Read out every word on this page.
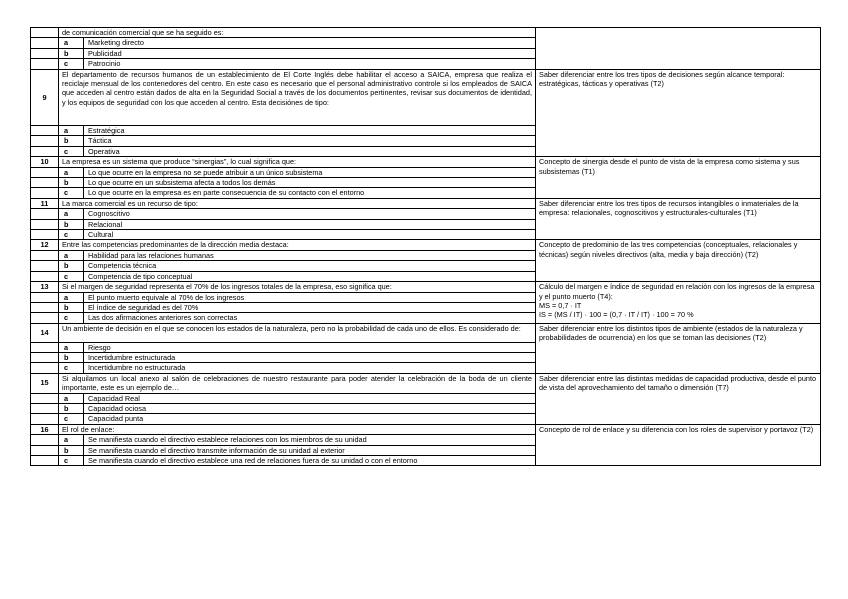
	de comunicación comercial que se ha seguido es:		

	a	Marketing directo	
	b	Publicidad	
	c	Patrocinio	
9	El departamento de recursos humanos de un establecimiento de El Corte Inglés debe habilitar el acceso a SAICA, empresa que realiza el reciclaje mensual de los contenedores del centro. En este caso es necesario que el personal administrativo controle si los empleados de SAICA que acceden al centro están dados de alta en la Seguridad Social a través de los documentos pertinentes, revisar sus documentos de identidad, y los equipos de seguridad con los que acceden al centro. Esta decisiónes de tipo:		Saber diferenciar entre los tres tipos de decisiones según alcance temporal: estratégicas, tácticas y operativas (T2)

	a	Estratégica	
	b	Táctica	
	c	Operativa	
10	La empresa es un sistema que produce “sinergias”, lo cual significa que:		Concepto de sinergia desde el punto de vista de la empresa como sistema y sus subsistemas (T1)

	a	Lo que ocurre en la empresa no se puede atribuir a un único subsistema	
	b	Lo que ocurre en un subsistema afecta a todos los demás	
	c	Lo que ocurre en la empresa es en parte consecuencia de su contacto con el entorno	
11	La marca comercial es un recurso de tipo:		Saber diferenciar entre los tres tipos de recursos intangibles o inmateriales de la empresa: relacionales, cognoscitivos y estructurales-culturales (T1)

	a	Cognoscitivo	
	b	Relacional	
	c	Cultural	
12	Entre las competencias predominantes de la dirección media destaca:		Concepto de predominio de las tres competencias (conceptuales, relacionales y técnicas) según niveles directivos (alta, media y baja dirección) (T2)

	a	Habilidad para las relaciones humanas	
	b	Competencia técnica	
	c	Competencia de tipo conceptual	
13	Si el margen de seguridad representa el 70% de los ingresos totales de la empresa, eso significa que:		Cálculo del margen e índice de seguridad en relación con los ingresos de la empresa y el punto muerto (T4):
MS = 0,7 · IT
IS = (MS / IT) · 100 = (0,7 · IT / IT) · 100 = 70 %

	a	El punto muerto equivale al 70% de los ingresos	
	b	El índice de seguridad es del 70%	
	c	Las dos afirmaciones anteriores son correctas	
14	Un ambiente de decisión en el que se conocen los estados de la naturaleza, pero no la probabilidad de cada uno de ellos. Es considerado de:		Saber diferenciar entre los distintos tipos de ambiente (estados de la naturaleza y probabilidades de ocurrencia) en los que se toman las decisiones (T2)

	a	Riesgo	
	b	Incertidumbre estructurada	
	c	Incertidumbre no estructurada	
15	Si alquilamos un local anexo al salón de celebraciones de nuestro restaurante para poder atender la celebración de la boda de un cliente importante, este es un ejemplo de…		Saber diferenciar entre las distintas medidas de capacidad productiva, desde el punto de vista del aprovechamiento del tamaño o dimensión (T7)

	a	Capacidad Real	
	b	Capacidad ociosa	
	c	Capacidad punta	
16	El rol de enlace:		Concepto de rol de enlace y su diferencia con los roles de supervisor y portavoz (T2)

	a	Se manifiesta cuando el directivo establece relaciones con los miembros de su unidad	
	b	Se manifiesta cuando el directivo transmite información de su unidad al exterior	
	c	Se manifiesta cuando el directivo establece una red de relaciones fuera de su unidad o con el entorno	
